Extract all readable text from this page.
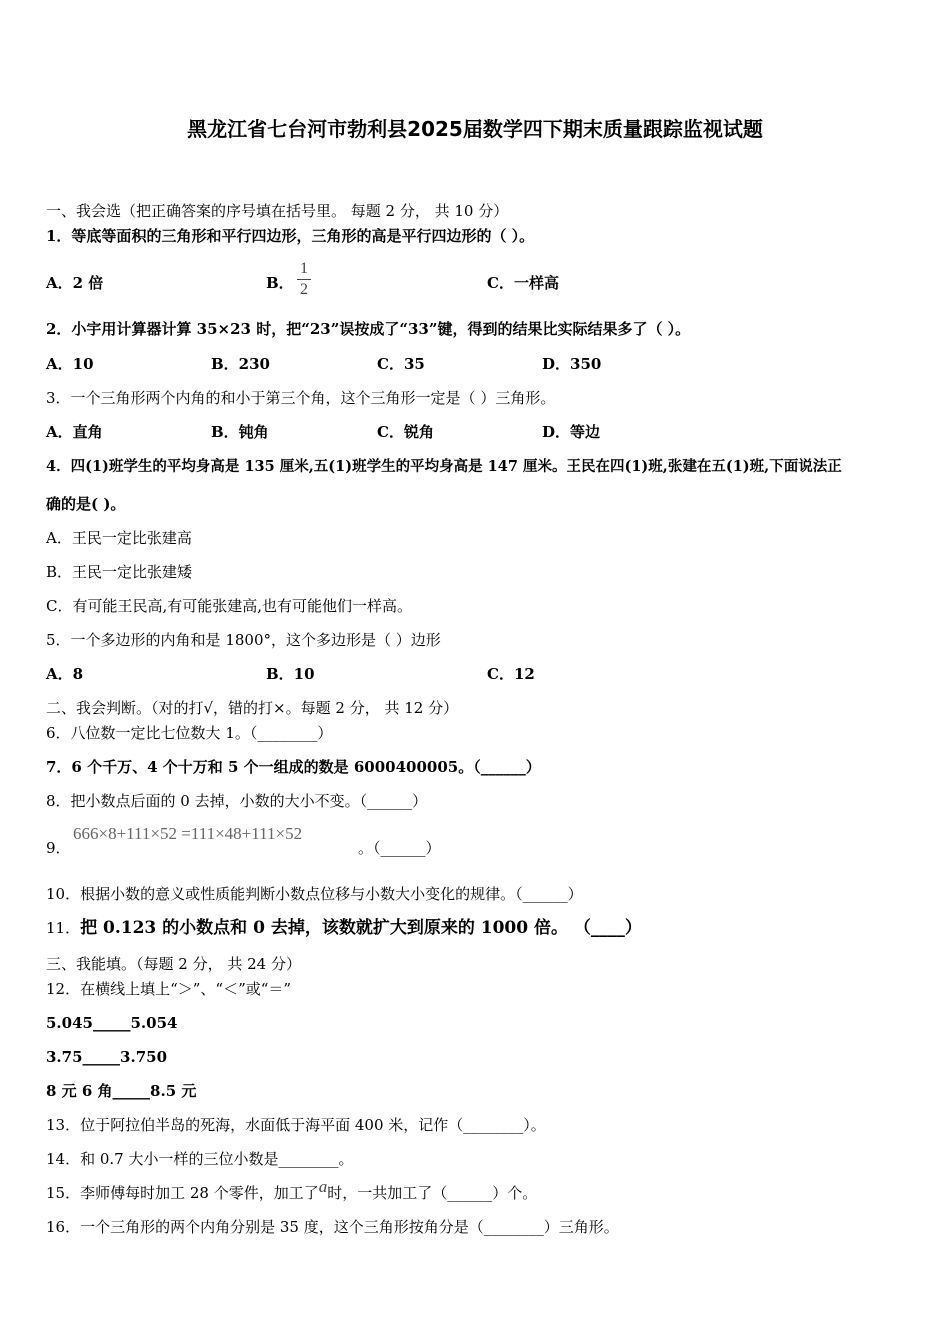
黑龙江省七台河市勃利县2025届数学四下期末质量跟踪监视试题
一、我会选（把正确答案的序号填在括号里。 每题 2 分， 共 10 分）
1．等底等面积的三角形和平行四边形，三角形的高是平行四边形的（ ）。
A．2 倍	B．
1
2	C．一样高
2．小宇用计算器计算 35×23 时，把“23”误按成了“33”键，得到的结果比实际结果多了（ ）。
A．10	B．230	C．35	D．350
3．一个三角形两个内角的和小于第三个角，这个三角形一定是（ ）三角形。
A．直角	B．钝角	C．锐角	D．等边
4．四(1)班学生的平均身高是 135 厘米,五(1)班学生的平均身高是 147 厘米。王民在四(1)班,张建在五(1)班,下面说法正
确的是( )。
A．王民一定比张建高
B．王民一定比张建矮
C．有可能王民高,有可能张建高,也有可能他们一样高。
5．一个多边形的内角和是 1800°，这个多边形是（ ）边形
A．8	B．10	C．12
二、我会判断。（对的打√，错的打×。每题 2 分， 共 12 分）
6．八位数一定比七位数大 1。（________）
7．6 个千万、4 个十万和 5 个一组成的数是 6000400005。（______）
8．把小数点后面的 0 去掉，小数的大小不变。（______）
9．
666×8+111×52 =111×48+111×52
。（______）
10．根据小数的意义或性质能判断小数点位移与小数大小变化的规律。（______）
11．把 0.123 的小数点和 0 去掉，该数就扩大到原来的 1000 倍。 （____）
三、我能填。（每题 2 分， 共 24 分）
12．在横线上填上“＞”、“＜”或“＝”
5.045_____5.054
3.75_____3.750
8 元 6 角_____8.5 元
13．位于阿拉伯半岛的死海，水面低于海平面 400 米，记作（________）。
14．和 0.7 大小一样的三位小数是________。
15．李师傅每时加工 28 个零件，加工了a时，一共加工了（______）个。
16．一个三角形的两个内角分别是 35 度，这个三角形按角分是（________）三角形。
